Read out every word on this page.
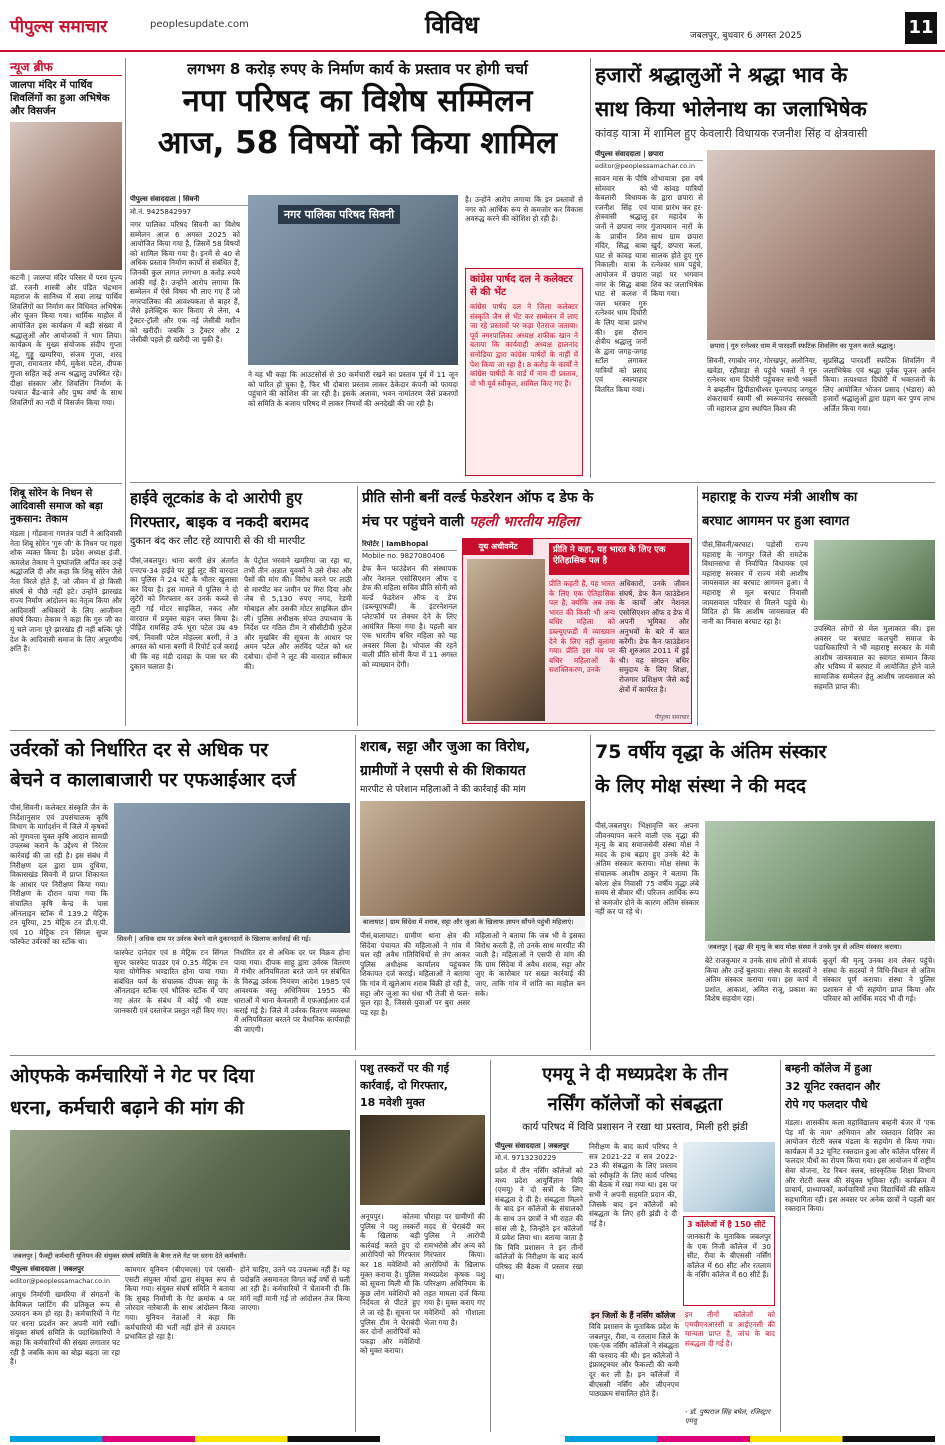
पीपुल्स समाचार	peoplesupdate.com	विविध	जबलपुर, बुधवार 6 अगस्त 2025	11
न्यूज ब्रीफ
जालपा मंदिर में पार्थिव शिवलिंगों का हुआ अभिषेक और विसर्जन
कटनी | जालपा मंदिर परिसर में परम पूज्य डॉ. रजनी शास्त्री और पंडित चंद्रभान महाराज के सानिध्य में सवा लाख पार्थिव शिवलिंगों का निर्माण कर विधिवत अभिषेक और पूजन किया गया। धार्मिक माहौल में आयोजित इस कार्यक्रम में बड़ी संख्या में श्रद्धालुओं और आयोजकों ने भाग लिया। कार्यक्रम के मुख्य संयोजक संदीप गुप्ता मंटू, गुड्डू खम्परिया, संजय गुप्ता, शरद गुप्ता, रामावतार मौर्य, मुकेश पटेल, दीपक गुप्ता सहित कई अन्य श्रद्धालु उपस्थित रहे। दीक्षा संस्कार और शिवलिंग निर्माण के पश्चात बैंड-बाजे और पुष्प वर्षा के साथ शिवलिंगों का नदी में विसर्जन किया गया।
शिबू सोरेन के निधन से आदिवासी समाज को बड़ा नुकसान: तेकाम
मंडला | गोंडवाना गणतंत्र पार्टी ने आदिवासी नेता शिबू सोरेन 'गुरु जी' के निधन पर गहरा शोक व्यक्त किया है। प्रदेश अध्यक्ष इंजी. कमलेश तेकाम ने पुष्पांजलि अर्पित कर उन्हें श्रद्धांजलि दी और कहा कि शिबू सोरेन जैसे नेता विरले होते हैं, जो जीवन में हो किसी संघर्ष से पीछे नहीं हटे। उन्होंने झारखंड राज्य निर्माण आंदोलन का नेतृत्व किया और आदिवासी अधिकारों के लिए आजीवन संघर्ष किया। तेकाम ने कहा कि गुरु जी का यूं चले जाना पूरे झारखंड ही नहीं बल्कि पूरे देश के आदिवासी समाज के लिए अपूरणीय क्षति है।
लगभग 8 करोड़ रुपए के निर्माण कार्य के प्रस्ताव पर होगी चर्चा
नपा परिषद का विशेष सम्मिलन
आज, 58 विषयों को किया शामिल
पीपुल्स संवाददाता | सिवनी
मो.नं. 9425842997
नगर पालिका परिषद सिवनी का विशेष सम्मेलन आज 6 अगस्त 2025 को आयोजित किया गया है, जिसमें 58 विषयों को शामिल किया गया है। इनमें से 40 से अधिक प्रस्ताव निर्माण कार्यों से संबंधित हैं, जिनकी कुल लागत लगभग 8 करोड़ रुपये आंकी गई है। उन्होंने आरोप लगाया कि सम्मेलन में ऐसे विषय भी लाए गए हैं जो नगरपालिका की आवश्यकता से बाहर हैं, जैसे इलेक्ट्रिक कार किराए से लेना, 4 ट्रैक्टर-ट्रॉली और एक नई जेसीबी मशीन को खरीदी। जबकि 3 ट्रैक्टर और 2 जेसीबी पहले ही खरीदी जा चुकी हैं।
नगर पालिका परिषद सिवनी
ने यह भी कहा कि आउटसोर्स से 30 कर्मचारी रखने का प्रस्ताव पूर्व में 11 जून को पारित हो चुका है, फिर भी दोबारा प्रस्ताव लाकर ठेकेदार कंपनी को फायदा पहुंचाने की कोशिश की जा रही है। इसके अलावा, भवन नामांतरण जैसे प्रकरणों को समिति के बजाय परिषद में लाकर नियमों की अनदेखी की जा रही है।
है। उन्होंने आरोप लगाया कि इन प्रस्तावों से नगर को आर्थिक रूप से कमजोर कर विकास अवरुद्ध करने की कोशिश हो रही है।
कांग्रेस पार्षद दल ने कलेक्टर से की भेंट
कांग्रेस पार्षद दल ने जिला कलेक्टर संस्कृति जैन से भेंट कर सम्मेलन में लाए जा रहे प्रस्तावों पर कड़ा ऐतराज जताया। पूर्व नगरपालिका अध्यक्ष शफीक खान ने बताया कि कार्यवाही अध्यक्ष हालनांद सनोडिया द्वारा कांग्रेस पार्षदों के नाहीं में पेश किया जा रहा है। 8 करोड़ के कार्यों ने कांग्रेस पार्षदों के वार्ड में नाम दी प्रस्ताव, वो भी पूर्व स्वीकृत, शामिल किए गए हैं।
हजारों श्रद्धालुओं ने श्रद्धा भाव के
साथ किया भोलेनाथ का जलाभिषेक
कांवड़ यात्रा में शामिल हुए केवलारी विधायक रजनीश सिंह व क्षेत्रवासी
पीपुल्स संवाददाता | छपारा
editor@peoplessamachar.co.in
सावन मास के पौषि सोमवार को केवलारी विधायक रजनीश सिंह एवं क्षेत्रवासी श्रद्धालु जनों ने छपारा नगर के प्राचीन शिव मंदिर, सिद्ध बाबा घाट से कांवड़ यात्रा निकाली। यात्रा के आयोजन में छपारा नगर के सिद्ध बाबा घाट से कलश में जल भरकर गुरु रत्नेश्वर धाम दिघोरी के लिए यात्रा प्रारंभ की। इस दौरान क्षेत्रीय श्रद्धालु जनों के द्वारा जगह-जगह स्टॉल लगाकर यात्रियों को प्रसाद एवं स्वल्पाहार वितरित किया गया।
शोभायात्रा इस वर्ष भी कांवड़ यात्रियों के द्वारा छपारा से यात्रा प्रारंभ कर हर-हर महादेव के गुंजायमान नारों के साथ ग्राम छपारा खुर्द, छपारा कलां, सालक होते हुए गुरु रत्नेश्वर धाम पहुंचे, जहां पर भगवान शिव का जलाभिषेक किया गया।
छपारा | गुरु रत्नेश्वर धाम में पारदर्शी स्फटिक शिवलिंग का पूजन करते श्रद्धालु।
सिवनी, रगाबोर नगर, गोरखपुर, अलोनिया, खवेडा, रहीवाड़ा से पहुंचे भक्तों ने गुरु रत्नेश्वर धाम दिघोरी पहुंचकर सभी भक्तों ने ब्रम्हलीन द्विपीठाधीश्वर पूज्यपाद जगद्गुरु शंकराचार्य स्वामी श्री स्वरूपानंद सरस्वती जी महाराज द्वारा स्थापित विश्व की
सुप्रसिद्ध पारदर्शी स्फटिक शिवलिंग में जलाभिषेक एवं श्रद्धा पूर्वक पूजन अर्चन किया। तत्पश्चात दिघोरी में भक्तजनों के लिए आयोजित भोजन प्रसाद (भंडारा) को हजारों श्रद्धालुओं द्वारा ग्रहण कर पुण्य लाभ अर्जित किया गया।
हाईवे लूटकांड के दो आरोपी हुए
गिरफ्तार, बाइक व नकदी बरामद
दुकान बंद कर लौट रहे व्यापारी से की थी मारपीट
पीसं,जबलपुर। थाना बरगी क्षेत्र अंतर्गत एनएच-34 हाईवे पर हुई लूट की वारदात का पुलिस ने 24 घंटे के भीतर खुलासा कर दिया है। इस मामले में पुलिस ने दो लुटेरों को गिरफ्तार कर उनके कब्जे से लूटी गई मोटर साइकिल, नकद और वारदात में प्रयुक्त वाहन जब्त किया है। पीड़ित रामसिंह उर्फ भूरा पटेल उम्र 49 वर्ष, निवासी पटेल मोहल्ला बरगी, ने 3 अगस्त को थाना बरगी में रिपोर्ट दर्ज कराई थी कि वह मंडी दावड़ा के पास घर की दुकान चलाता है।
के पेट्रोल भरवाने खमरिया जा रहा था, तभी तीन अज्ञात युवकों ने उसे रोका और पैसों की मांग की। विरोध करने पर लाठी से मारपीट कर जमीन पर गिरा दिया और जेब से 5,130 रुपए नगद, रेडमी मोबाइल और उसकी मोटर साइकिल छीन ली। पुलिस अधीक्षक संपत उपाध्याय के निर्देश पर गठित टीम ने सीसीटीवी फुटेज और मुखबिर की सूचना के आधार पर अमन पटेल और अरविंद पटेल को धर दबोचा। दोनों ने लूट की वारदात स्वीकार की।
प्रीति सोनी बनीं वर्ल्ड फेडरेशन ऑफ द डेफ के
मंच पर पहुंचने वाली पहली भारतीय महिला
रिपोर्टर | IamBhopal
Mobile no. 9827080406
डेफ कैन फाउंडेशन की संस्थापक और नेशनल एसोसिएशन ऑफ द डेफ की महिला सचिव प्रीति सोनी को वर्ल्ड फेडरेशन ऑफ द डेफ (डब्ल्यूएफडी) के इंटरनेशनल प्लेटफॉर्म पर लेक्चर देने के लिए आमंत्रित किया गया है। पहली बार एक भारतीय बधिर महिला को यह अवसर मिला है। भोपाल की रहने वाली प्रीति सोनी कैंपा में 11 अगस्त को व्याख्यान देंगी।
यूथ अचीवमेंट	प्रीति ने कहा, यह भारत के लिए एक ऐतिहासिक पल है
प्रीति कहती हैं, यह भारत के लिए एक ऐतिहासिक पल है, क्योंकि अब तक भारत की किसी भी अन्य बधिर महिला को डब्ल्यूएफडी में व्याख्यान देने के लिए नहीं बुलाया गया। प्रीति इस मंच पर बधिर महिलाओं के सशक्तिकरण, उनके
अधिकारों, उनके जीवन संघर्ष, डेफ कैन फाउंडेशन के कार्यों और नेशनल एसोसिएशन ऑफ द डेफ में अपनी भूमिका और अनुभवों के बारे में बात करेंगी। डेफ कैन फाउंडेशन की शुरुआत 2011 में हुई थी। यह संगठन बधिर समुदाय के लिए शिक्षा, रोजगार प्रशिक्षण जैसे कई क्षेत्रों में कार्यरत है।
पीपुल्स समाचार
महाराष्ट्र के राज्य मंत्री आशीष का
बरघाट आगमन पर हुआ स्वागत
पीसं,सिवनी/बरघाट। पड़ोसी राज्य महाराष्ट्र के नागपुर जिले की रामटेक विधानसभा से निर्वाचित विधायक एवं महाराष्ट्र सरकार में राज्य मंत्री आशीष जायसवाल का बरघाट आगमन हुआ। वे महाराष्ट्र से मूल बरघाट निवासी जायसवाल परिवार से मिलने पहुंचे थे। विदित हो कि आशीष जायसवाल की नानी का निवास बरघाट रहा है।
उपस्थित लोगों से मेल मुलाकात की। इस अवसर पर बरघाट कलचुरी समाज के पदाधिकारियों ने भी महाराष्ट्र सरकार के मंत्री आशीष जायसवाल का स्वागत सम्मान किया और भविष्य में बरघाट में आयोजित होने वाले सामाजिक सम्मेलन हेतु आशीष जायसवाल को सहमति प्राप्त की।
उर्वरकों को निर्धारित दर से अधिक पर
बेचने व कालाबाजारी पर एफआईआर दर्ज
पीसं,सिवनी। कलेक्टर संस्कृति जैन के निर्देशानुसार एवं उपसंचालक कृषि विभाग के मार्गदर्शन में जिले में कृषकों को गुणवत्ता युक्त कृषि आदान सामग्री उपलब्ध कराने के उद्देश्य से निरंतर कार्रवाई की जा रही है। इस संबंध में निरीक्षण दल द्वारा ग्राम दुधिया, विकासखंड सिवनी में प्राप्त शिकायत के आधार पर निरीक्षण किया गया। निरीक्षण के दौरान पाया गया कि संचालित कृषि केन्द्र के पास ऑनलाइन स्टॉक में 139.2 मेट्रिक टन यूरिया, 25 मेट्रिक टन डी.ए.पी. एवं 10 मेट्रिक टन सिंगल सुपर फॉस्फेट उर्वरकों का स्टॉक था।	सिवनी | अधिक दाम पर उर्वरक बेचने वाले दुकानदारों के खिलाफ कार्रवाई की गई।
फास्फेट दानेदार एवं 8 मेट्रिक टन सिंगल सुपर फास्फेट पाउडर एवं 0.35 मेट्रिक टन यारा योगेनिक भण्डारित होना पाया गया। संबंधित फर्म के संचालक दीपक साहू के ऑनलाइन स्टॉक एवं भौतिक स्टॉक में पाए गए अंतर के संबंध में कोई भी स्पष्ट जानकारी एवं दस्तावेज प्रस्तुत नहीं किए गए।
निर्धारित दर से अधिक दर पर विक्रय होना पाया गया। दीपक साहू द्वारा उर्वरक वितरण में गंभीर अनियमितता बरते जाने पर संबंधित के विरुद्ध उर्वरक नियंत्रण आदेश 1985 एवं आवश्यक वस्तु अधिनियम 1955 की धाराओं में थाना केवलारी में एफआईआर दर्ज कराई गई है। जिले में उर्वरक वितरण व्यवस्था में अनियमितता बरतने पर वैधानिक कार्यवाही की जाएगी।
शराब, सट्टा और जुआ का विरोध,
ग्रामीणों ने एसपी से की शिकायत
मारपीट से परेशान महिलाओं ने की कार्रवाई की मांग
बालाघाट | ग्राम सिंदेवा में शराब, सट्टा और जुआ के खिलाफ ज्ञापन सौंपने पहुंची महिलाएं।
पीसं,बालाघाट। ग्रामीण थाना क्षेत्र की सिंदेवा पंचायत की महिलाओं ने गांव में चल रही अवैध गतिविधियों से तंग आकर पुलिस अधीक्षक कार्यालय पहुंचकर शिकायत दर्ज कराई। महिलाओं ने बताया कि गांव में खुलेआम शराब बिक्री हो रही है, सट्टा और जुआ का धंधा भी तेजी से फल-फूल रहा है, जिससे युवाओं पर बुरा असर पड़ रहा है।
महिलाओं ने बताया कि जब भी वे इसका विरोध करती हैं, तो उनके साथ मारपीट की जाती है। महिलाओं ने एसपी से मांग की कि ग्राम सिंदेवा में अवैध शराब, सट्टा और जुए के कारोबार पर सख्त कार्रवाई की जाए, ताकि गांव में शांति का माहौल बन सके।
75 वर्षीय वृद्धा के अंतिम संस्कार
के लिए मोक्ष संस्था ने की मदद
पीसं,जबलपुर। भिक्षावृत्ति कर अपना जीवनयापन करने वाली एक वृद्धा की मृत्यु के बाद समाजसेवी संस्था मोक्ष ने मदद के हाथ बढ़ाए हुए उनके बेटे के अंतिम संस्कार कराया। मोक्ष संस्था के संचालक आशीष ठाकुर ने बताया कि बरेला क्षेत्र निवासी 75 वर्षीय वृद्धा लंबे समय से बीमार थीं। परिजन आर्थिक रूप से कमजोर होने के कारण अंतिम संस्कार नहीं कर पा रहे थे।
जबलपुर | वृद्धा की मृत्यु के बाद मोक्ष संस्था ने उनके पुत्र से अंतिम संस्कार कराया।
बेटे राजकुमार व उनके साथ लोगों से संपर्क किया और उन्हें बुलाया। संस्था के सदस्यों ने अंतिम संस्कार कराया गया। इस कार्य में प्रशांत, आकाश, अमित राजू, प्रकाश का विशेष सहयोग रहा।
बुजुर्ग की मृत्यु उनका शव लेकर पहुंचे। संस्था के सदस्यों ने विधि-विधान से अंतिम संस्कार पूर्ण कराया। संस्था ने पुलिस प्रशासन से भी सहयोग प्राप्त किया और परिवार को आर्थिक मदद भी दी गई।
ओएफके कर्मचारियों ने गेट पर दिया
धरना, कर्मचारी बढ़ाने की मांग की
जबलपुर | फैक्ट्री कर्मचारी यूनियन की संयुक्त संघर्ष समिति के बैनर तले गेट पर धरना देते कर्मचारी।
पीपुल्स संवाददाता | जबलपुर
editor@peoplessamachar.co.in
आयुध निर्माणी खमरिया में संगठनों के केमिकल प्लांटिंग की प्रतिकूल रूप से उत्पादन कम हो रहा है। कर्मचारियों ने गेट पर धरना प्रदर्शन कर अपनी मांगें रखीं। संयुक्त संघर्ष समिति के पदाधिकारियों ने कहा कि कर्मचारियों की संख्या लगातार घट रही है जबकि काम का बोझ बढ़ता जा रहा है।
कामगार यूनियन (बीएमएस) एवं एससी-एसटी संयुक्त मोर्चा द्वारा संयुक्त रूप से किया गया। संयुक्त संघर्ष समिति ने बताया कि सुबह निर्माणी के गेट क्रमांक 4 पर जोरदार नारेबाजी के साथ आंदोलन किया गया। यूनियन नेताओं ने कहा कि कर्मचारियों की भर्ती नहीं होने से उत्पादन प्रभावित हो रहा है।
होने चाहिए, उतने पद उपलब्ध नहीं हैं। यह पदोन्नति असमानता विगत कई वर्षों से चली आ रही है। कर्मचारियों ने चेतावनी दी कि मांगें नहीं मानी गईं तो आंदोलन तेज किया जाएगा।
पशु तस्करों पर की गई
कार्रवाई, दो गिरफ्तार,
18 मवेशी मुक्त
अनूपपुर। कोतमा पुलिस ने पशु तस्करों के खिलाफ बड़ी कार्रवाई करते हुए दो आरोपियों को गिरफ्तार कर 18 मवेशियों को मुक्त कराया है। पुलिस को सूचना मिली थी कि कुछ लोग मवेशियों को निर्दयता से पीटते हुए ले जा रहे हैं। सूचना पर पुलिस टीम ने घेराबंदी कर दोनों आरोपियों को पकड़ा और मवेशियों को मुक्त कराया।
चौराहा पर ग्रामीणों की मदद से घेराबंदी कर पुलिस ने आरोपी रामभरोसे और अन्य को गिरफ्तार किया। आरोपियों के खिलाफ मध्यप्रदेश कृषक पशु परिरक्षण अधिनियम के तहत मामला दर्ज किया गया है। मुक्त कराए गए मवेशियों को गौशाला भेजा गया है।
एमयू ने दी मध्यप्रदेश के तीन
नर्सिंग कॉलेजों को संबद्धता
कार्य परिषद में विवि प्रशासन ने रखा था प्रस्ताव, मिली हरी झंडी
पीपुल्स संवाददाता | जबलपुर
मो.नं. 9713230229
प्रदेश में तीन नर्सिंग कॉलेजों को मध्य प्रदेश आयुर्विज्ञान विवि (एमयू) ने दो सत्रों के लिए संबद्धता दे दी है। संबद्धता मिलने के बाद इन कॉलेजों के संचालकों के साथ उन छात्रों ने भी राहत की सांस ली है, जिन्होंने इन कॉलेजों में प्रवेश लिया था। बताया जाता है कि विवि प्रशासन ने इन तीनों कॉलेजों के निरीक्षण के बाद कार्य परिषद की बैठक में प्रस्ताव रखा था।
निरीक्षण के बाद कार्य परिषद ने सत्र 2021-22 व सत्र 2022-23 की संबद्धता के लिए प्रस्ताव को स्वीकृति के लिए कार्य परिषद की बैठक में रखा गया था। इस पर सभी ने अपनी सहमति प्रदान की, जिसके बाद इन कॉलेजों को संबद्धता के लिए हरी झंडी दे दी गई है।	3 कॉलेजों में है 150 सीटें
जानकारी के मुताबिक जबलपुर के एक निजी कॉलेज में 30 सीट, रीवा के बीएससी नर्सिंग कॉलेज में 60 सीट और रतलाम के नर्सिंग कॉलेज में 60 सीटें हैं।
इन जिलों के हैं नर्सिंग कॉलेज
विवि प्रशासन के मुताबिक प्रदेश के जबलपुर, रीवा, व रतलाम जिले के एक-एक नर्सिंग कॉलेजों ने संबद्धता की फरयाद की थी। इन कॉलेजों ने इंफ्रास्ट्रक्चर और फैकल्टी की कमी दूर कर ली है। इन कॉलेजों में बीएससी नर्सिंग और जीएनएम पाठ्यक्रम संचालित होते हैं।
इन तीनों कॉलेजों को एमपीएनआरसी व आईएनसी की मान्यता प्राप्त है, जांच के बाद संबद्धता दी गई है।
- डॉ. पुष्पराज सिंह बघेल, रजिस्ट्रार एमयू
बम्हनी कॉलेज में हुआ
32 यूनिट रक्तदान और
रोपे गए फलदार पौधे
मंडला। शासकीय कला महाविद्यालय बम्हनी बंजर में 'एक पेड़ माँ के नाम' अभियान और रक्तदान शिविर का आयोजन रोटरी क्लब मंडला के सहयोग से किया गया। कार्यक्रम में 32 यूनिट रक्तदान हुआ और कॉलेज परिसर में फलदार पौधों का रोपण किया गया। इस आयोजन में राष्ट्रीय सेवा योजना, रेड रिबन क्लब, सांस्कृतिक शिक्षा विभाग और रोटरी क्लब की संयुक्त भूमिका रही। कार्यक्रम में प्राचार्य, प्राध्यापकों, कर्मचारियों तथा विद्यार्थियों की सक्रिय सहभागिता रही। इस अवसर पर अनेक छात्रों ने पहली बार रक्तदान किया।
